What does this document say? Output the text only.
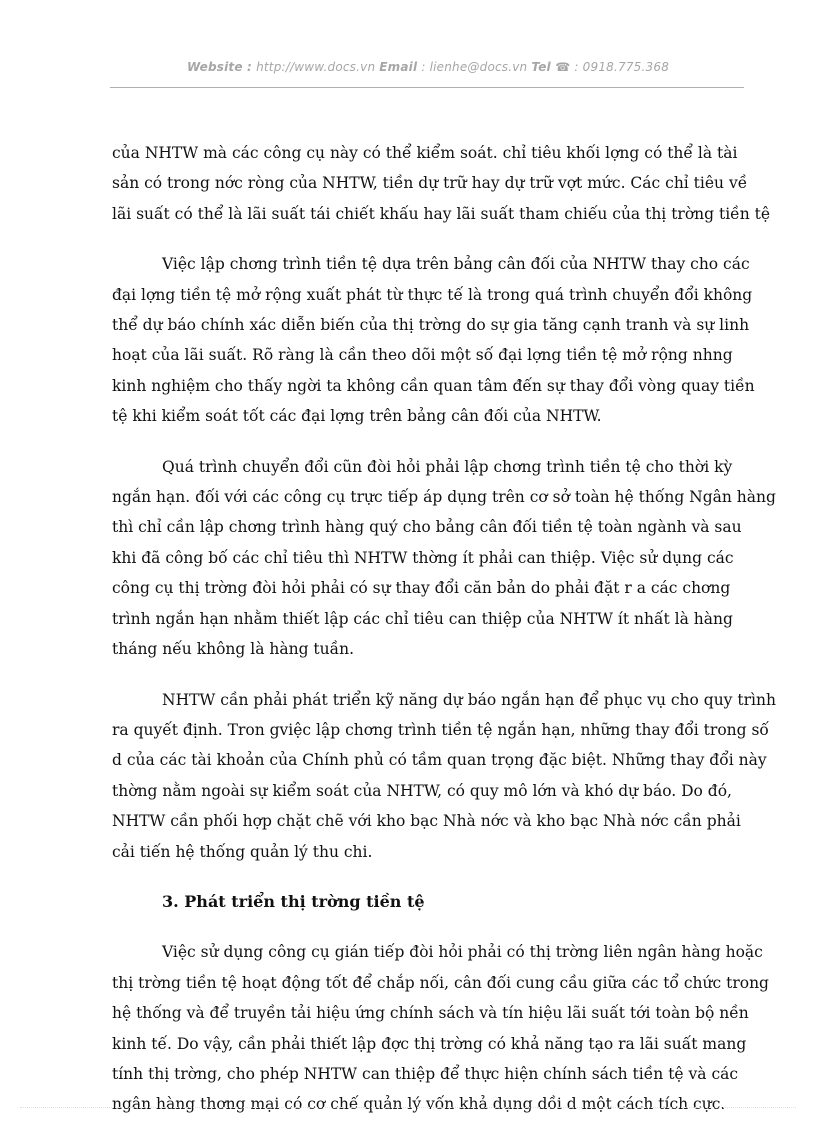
Website : http://www.docs.vn Email : lienhe@docs.vn Tel ☎ : 0918.775.368

của NHTW mà các công cụ này có thể kiểm soát. chỉ tiêu khối lợng có thể là tài

sản có trong nớc ròng của NHTW, tiền dự trữ hay dự trữ vợt mức. Các chỉ tiêu về

lãi suất có thể là lãi suất tái chiết khấu hay lãi suất tham chiếu của thị trờng tiền tệ

Việc lập chơng trình tiền tệ dựa trên bảng cân đối của NHTW thay cho các

đại lợng tiền tệ mở rộng xuất phát từ thực tế là trong quá trình chuyển đổi không

thể dự báo chính xác diễn biến của thị trờng do sự gia tăng cạnh tranh và sự linh

hoạt của lãi suất. Rõ ràng là cần theo dõi một số đại lợng tiền tệ mở rộng nhng

kinh nghiệm cho thấy ngời ta không cần quan tâm đến sự thay đổi vòng quay tiền

tệ khi kiểm soát tốt các đại lợng trên bảng cân đối của NHTW.

Quá trình chuyển đổi cũn đòi hỏi phải lập chơng trình tiền tệ cho thời kỳ

ngắn hạn. đối với các công cụ trực tiếp áp dụng trên cơ sở toàn hệ thống Ngân hàng

thì chỉ cần lập chơng trình hàng quý cho bảng cân đối tiền tệ toàn ngành và sau

khi đã công bố các chỉ tiêu thì NHTW thờng ít phải can thiệp. Việc sử dụng các

công cụ thị trờng đòi hỏi phải có sự thay đổi căn bản do phải đặt r a các chơng

trình ngắn hạn nhằm thiết lập các chỉ tiêu can thiệp của NHTW ít nhất là hàng

tháng nếu không là hàng tuần.

NHTW cần phải phát triển kỹ năng dự báo ngắn hạn để phục vụ cho quy trình

ra quyết định. Tron gviệc lập chơng trình tiền tệ ngắn hạn, những thay đổi trong số

d của các tài khoản của Chính phủ có tầm quan trọng đặc biệt. Những thay đổi này

thờng nằm ngoài sự kiểm soát của NHTW, có quy mô lớn và khó dự báo. Do đó,

NHTW cần phối hợp chặt chẽ với kho bạc Nhà nớc và kho bạc Nhà nớc cần phải

cải tiến hệ thống quản lý thu chi.

3. Phát triển thị trờng tiền tệ

Việc sử dụng công cụ gián tiếp đòi hỏi phải có thị trờng liên ngân hàng hoặc

thị trờng tiền tệ hoạt động tốt để chắp nối, cân đối cung cầu giữa các tổ chức trong

hệ thống và để truyền tải hiệu ứng chính sách và tín hiệu lãi suất tới toàn bộ nền

kinh tế. Do vậy, cần phải thiết lập đợc thị trờng có khả năng tạo ra lãi suất mang

tính thị trờng, cho phép NHTW can thiệp để thực hiện chính sách tiền tệ và các

ngân hàng thơng mại có cơ chế quản lý vốn khả dụng dồi d một cách tích cực.
